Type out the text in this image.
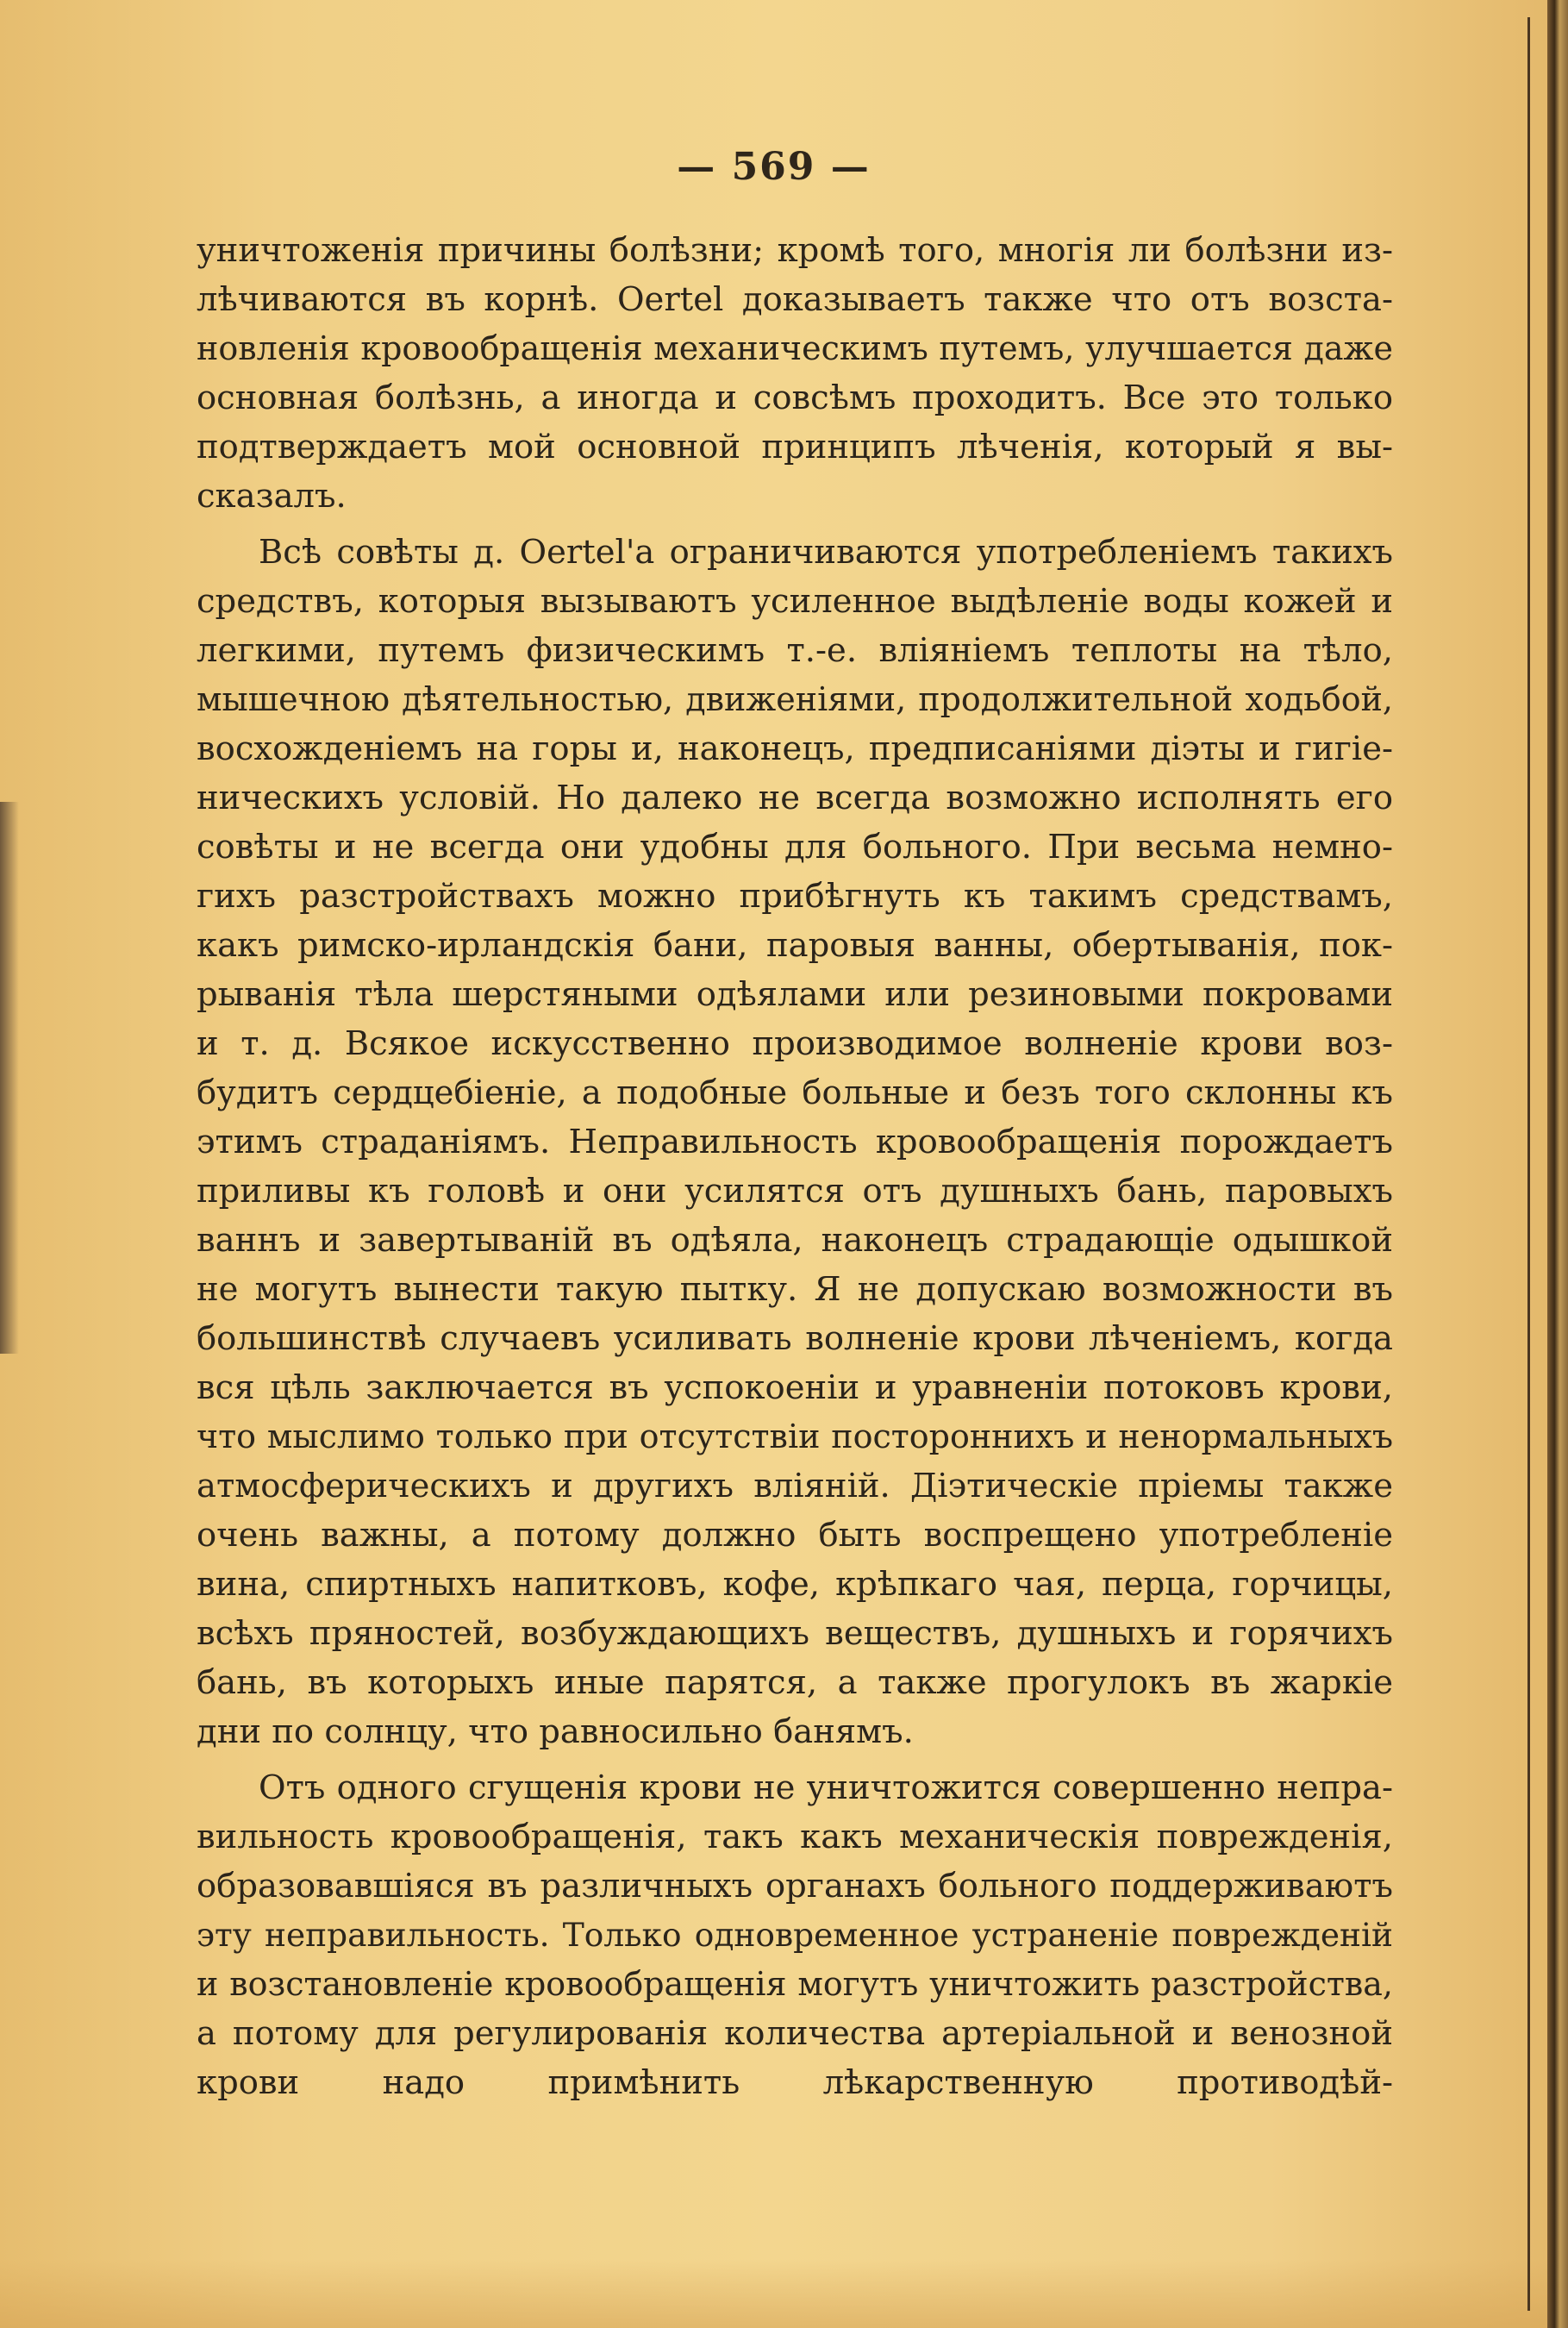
— 569 —
уничтоженія причины болѣзни; кромѣ того, многія ли болѣзни из-
лѣчиваются въ корнѣ. Oertel доказываетъ также что отъ возста-
новленія кровообращенія механическимъ путемъ, улучшается даже
основная болѣзнь, а иногда и совсѣмъ проходитъ. Все это только
подтверждаетъ мой основной принципъ лѣченія, который я вы-
сказалъ.
Всѣ совѣты д. Oertel'а ограничиваются употребленіемъ такихъ
средствъ, которыя вызываютъ усиленное выдѣленіе воды кожей и
легкими, путемъ физическимъ т.-е. вліяніемъ теплоты на тѣло,
мышечною дѣятельностью, движеніями, продолжительной ходьбой,
восхожденіемъ на горы и, наконецъ, предписаніями діэты и гигіе-
ническихъ условій. Но далеко не всегда возможно исполнять его
совѣты и не всегда они удобны для больного. При весьма немно-
гихъ разстройствахъ можно прибѣгнуть къ такимъ средствамъ,
какъ римско-ирландскія бани, паровыя ванны, обертыванія, пок-
рыванія тѣла шерстяными одѣялами или резиновыми покровами
и т. д. Всякое искусственно производимое волненіе крови воз-
будитъ сердцебіеніе, а подобные больные и безъ того склонны къ
этимъ страданіямъ. Неправильность кровообращенія порождаетъ
приливы къ головѣ и они усилятся отъ душныхъ бань, паровыхъ
ваннъ и завертываній въ одѣяла, наконецъ страдающіе одышкой
не могутъ вынести такую пытку. Я не допускаю возможности въ
большинствѣ случаевъ усиливать волненіе крови лѣченіемъ, когда
вся цѣль заключается въ успокоеніи и уравненіи потоковъ крови,
что мыслимо только при отсутствіи постороннихъ и ненормальныхъ
атмосферическихъ и другихъ вліяній. Діэтическіе пріемы также
очень важны, а потому должно быть воспрещено употребленіе
вина, спиртныхъ напитковъ, кофе, крѣпкаго чая, перца, горчицы,
всѣхъ пряностей, возбуждающихъ веществъ, душныхъ и горячихъ
бань, въ которыхъ иные парятся, а также прогулокъ въ жаркіе
дни по солнцу, что равносильно банямъ.
Отъ одного сгущенія крови не уничтожится совершенно непра-
вильность кровообращенія, такъ какъ механическія поврежденія,
образовавшіяся въ различныхъ органахъ больного поддерживаютъ
эту неправильность. Только одновременное устраненіе поврежденій
и возстановленіе кровообращенія могутъ уничтожить разстройства,
а потому для регулированія количества артеріальной и венозной
крови надо примѣнить лѣкарственную противодѣй-
